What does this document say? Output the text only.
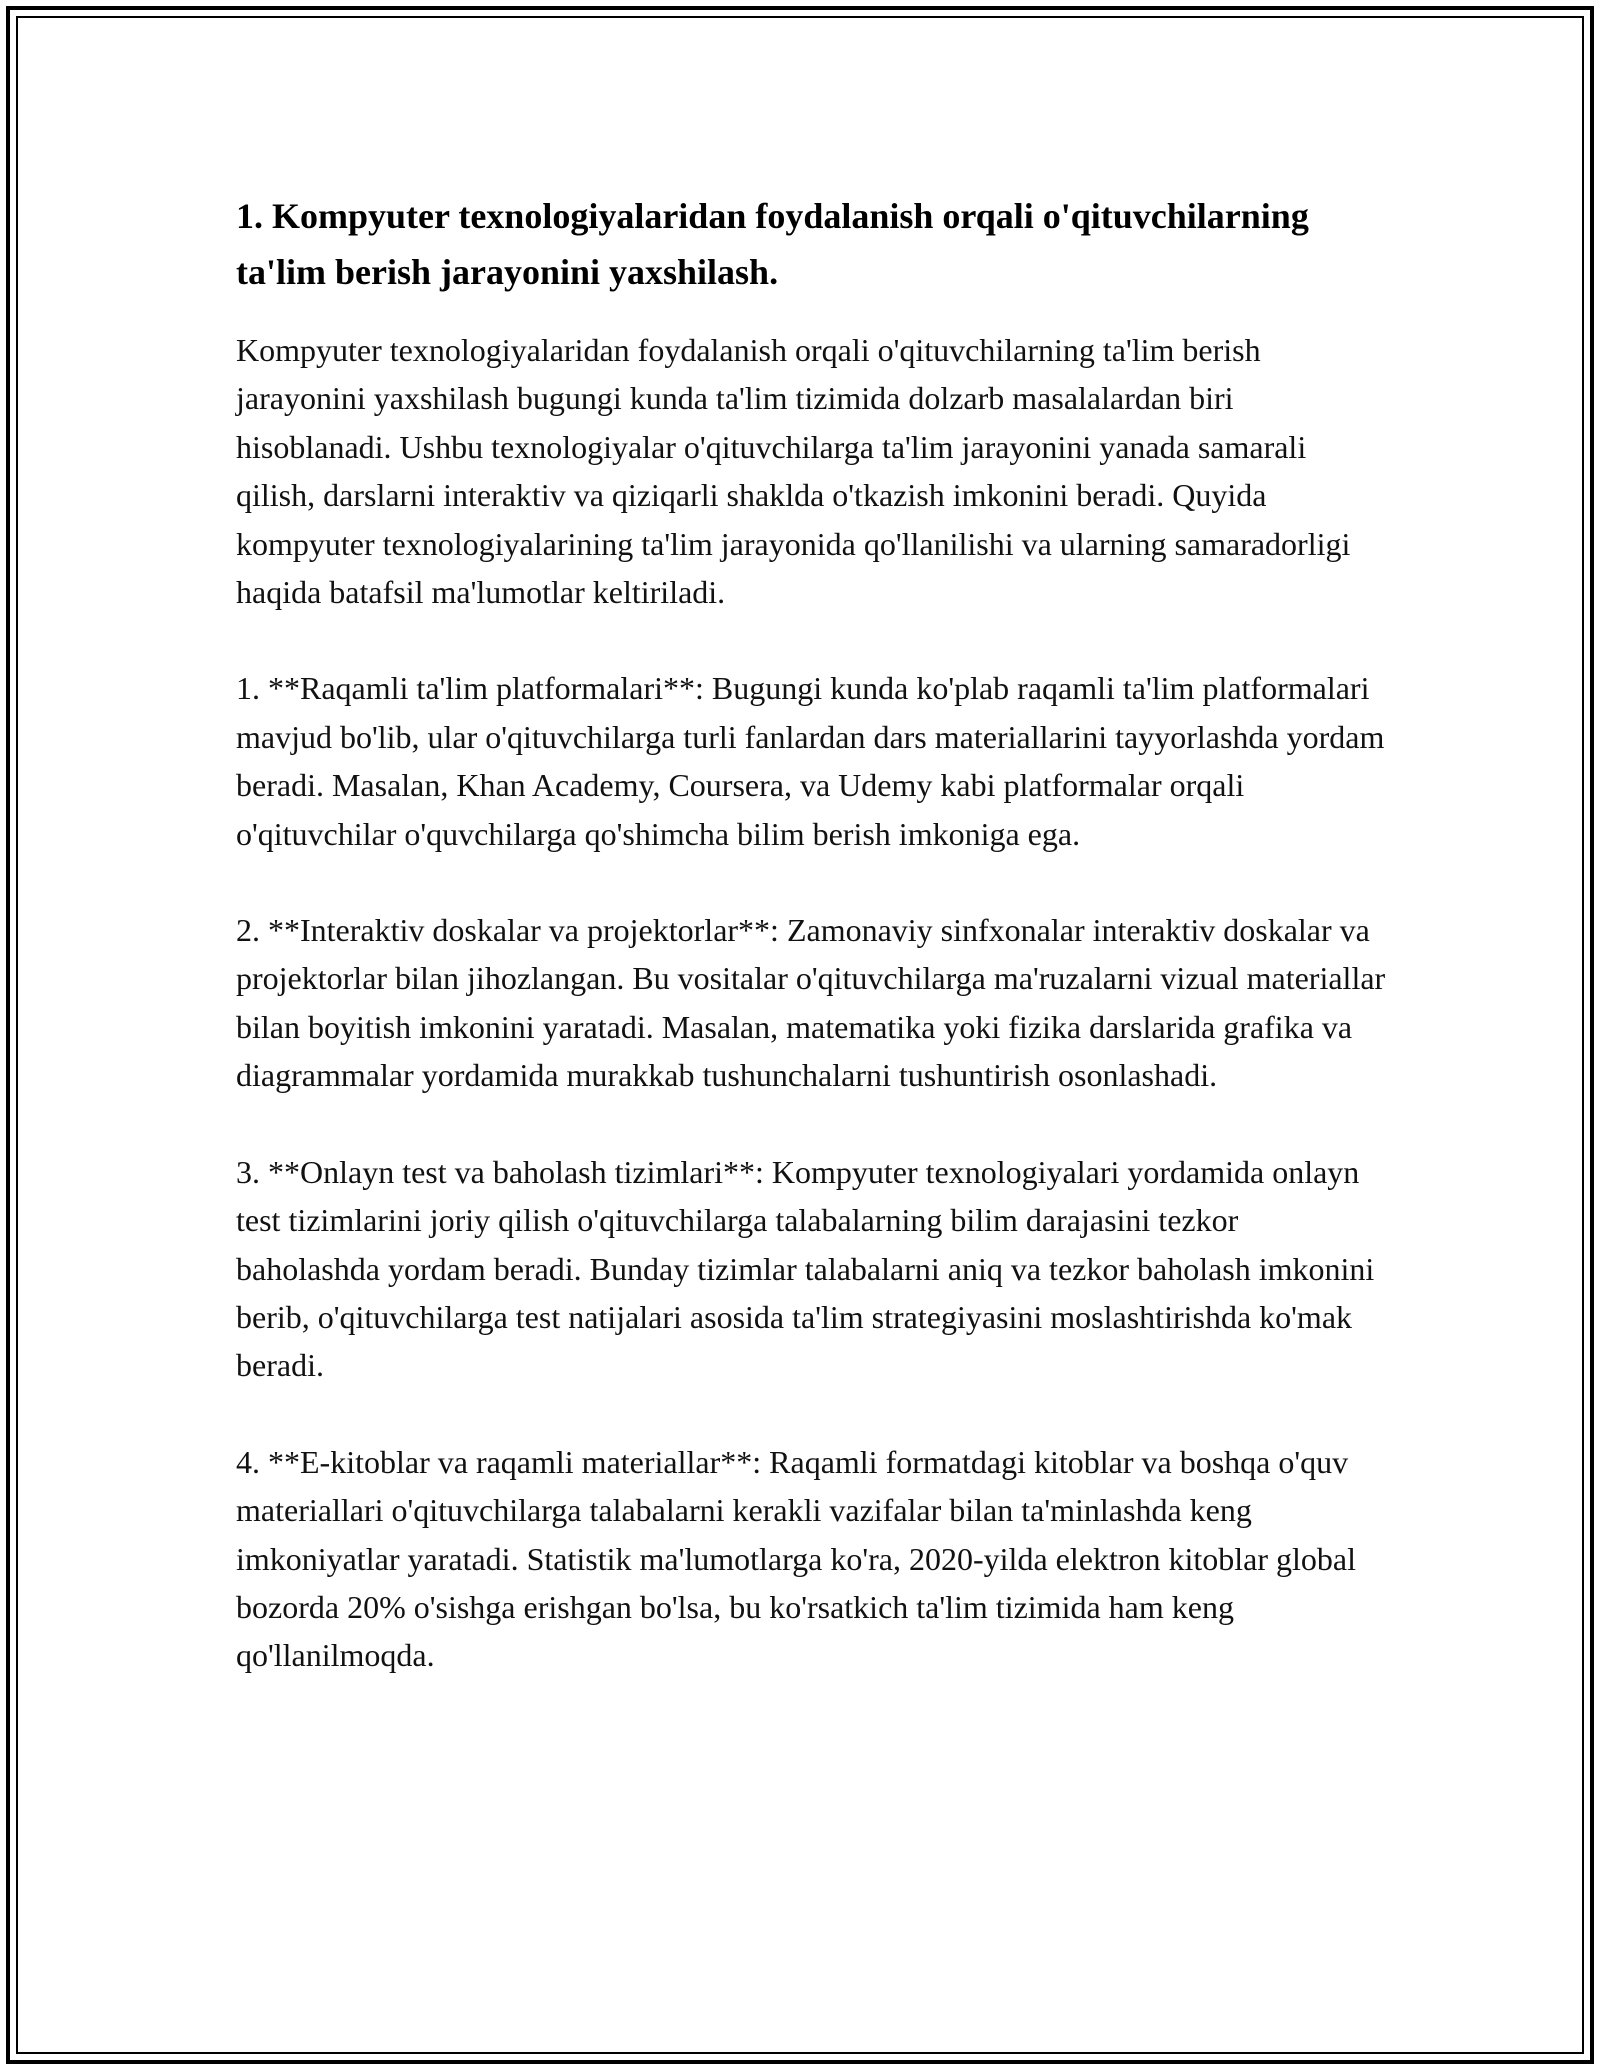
1. Kompyuter texnologiyalaridan foydalanish orqali o'qituvchilarning ta'lim berish jarayonini yaxshilash.

Kompyuter texnologiyalaridan foydalanish orqali o'qituvchilarning ta'lim berish jarayonini yaxshilash bugungi kunda ta'lim tizimida dolzarb masalalardan biri hisoblanadi. Ushbu texnologiyalar o'qituvchilarga ta'lim jarayonini yanada samarali qilish, darslarni interaktiv va qiziqarli shaklda o'tkazish imkonini beradi. Quyida kompyuter texnologiyalarining ta'lim jarayonida qo'llanilishi va ularning samaradorligi haqida batafsil ma'lumotlar keltiriladi.

1. **Raqamli ta'lim platformalari**: Bugungi kunda ko'plab raqamli ta'lim platformalari mavjud bo'lib, ular o'qituvchilarga turli fanlardan dars materiallarini tayyorlashda yordam beradi. Masalan, Khan Academy, Coursera, va Udemy kabi platformalar orqali o'qituvchilar o'quvchilarga qo'shimcha bilim berish imkoniga ega.

2. **Interaktiv doskalar va projektorlar**: Zamonaviy sinfxonalar interaktiv doskalar va projektorlar bilan jihozlangan. Bu vositalar o'qituvchilarga ma'ruzalarni vizual materiallar bilan boyitish imkonini yaratadi. Masalan, matematika yoki fizika darslarida grafika va diagrammalar yordamida murakkab tushunchalarni tushuntirish osonlashadi.

3. **Onlayn test va baholash tizimlari**: Kompyuter texnologiyalari yordamida onlayn test tizimlarini joriy qilish o'qituvchilarga talabalarning bilim darajasini tezkor baholashda yordam beradi. Bunday tizimlar talabalarni aniq va tezkor baholash imkonini berib, o'qituvchilarga test natijalari asosida ta'lim strategiyasini moslashtirishda ko'mak beradi.

4. **E-kitoblar va raqamli materiallar**: Raqamli formatdagi kitoblar va boshqa o'quv materiallari o'qituvchilarga talabalarni kerakli vazifalar bilan ta'minlashda keng imkoniyatlar yaratadi. Statistik ma'lumotlarga ko'ra, 2020-yilda elektron kitoblar global bozorda 20% o'sishga erishgan bo'lsa, bu ko'rsatkich ta'lim tizimida ham keng qo'llanilmoqda.
